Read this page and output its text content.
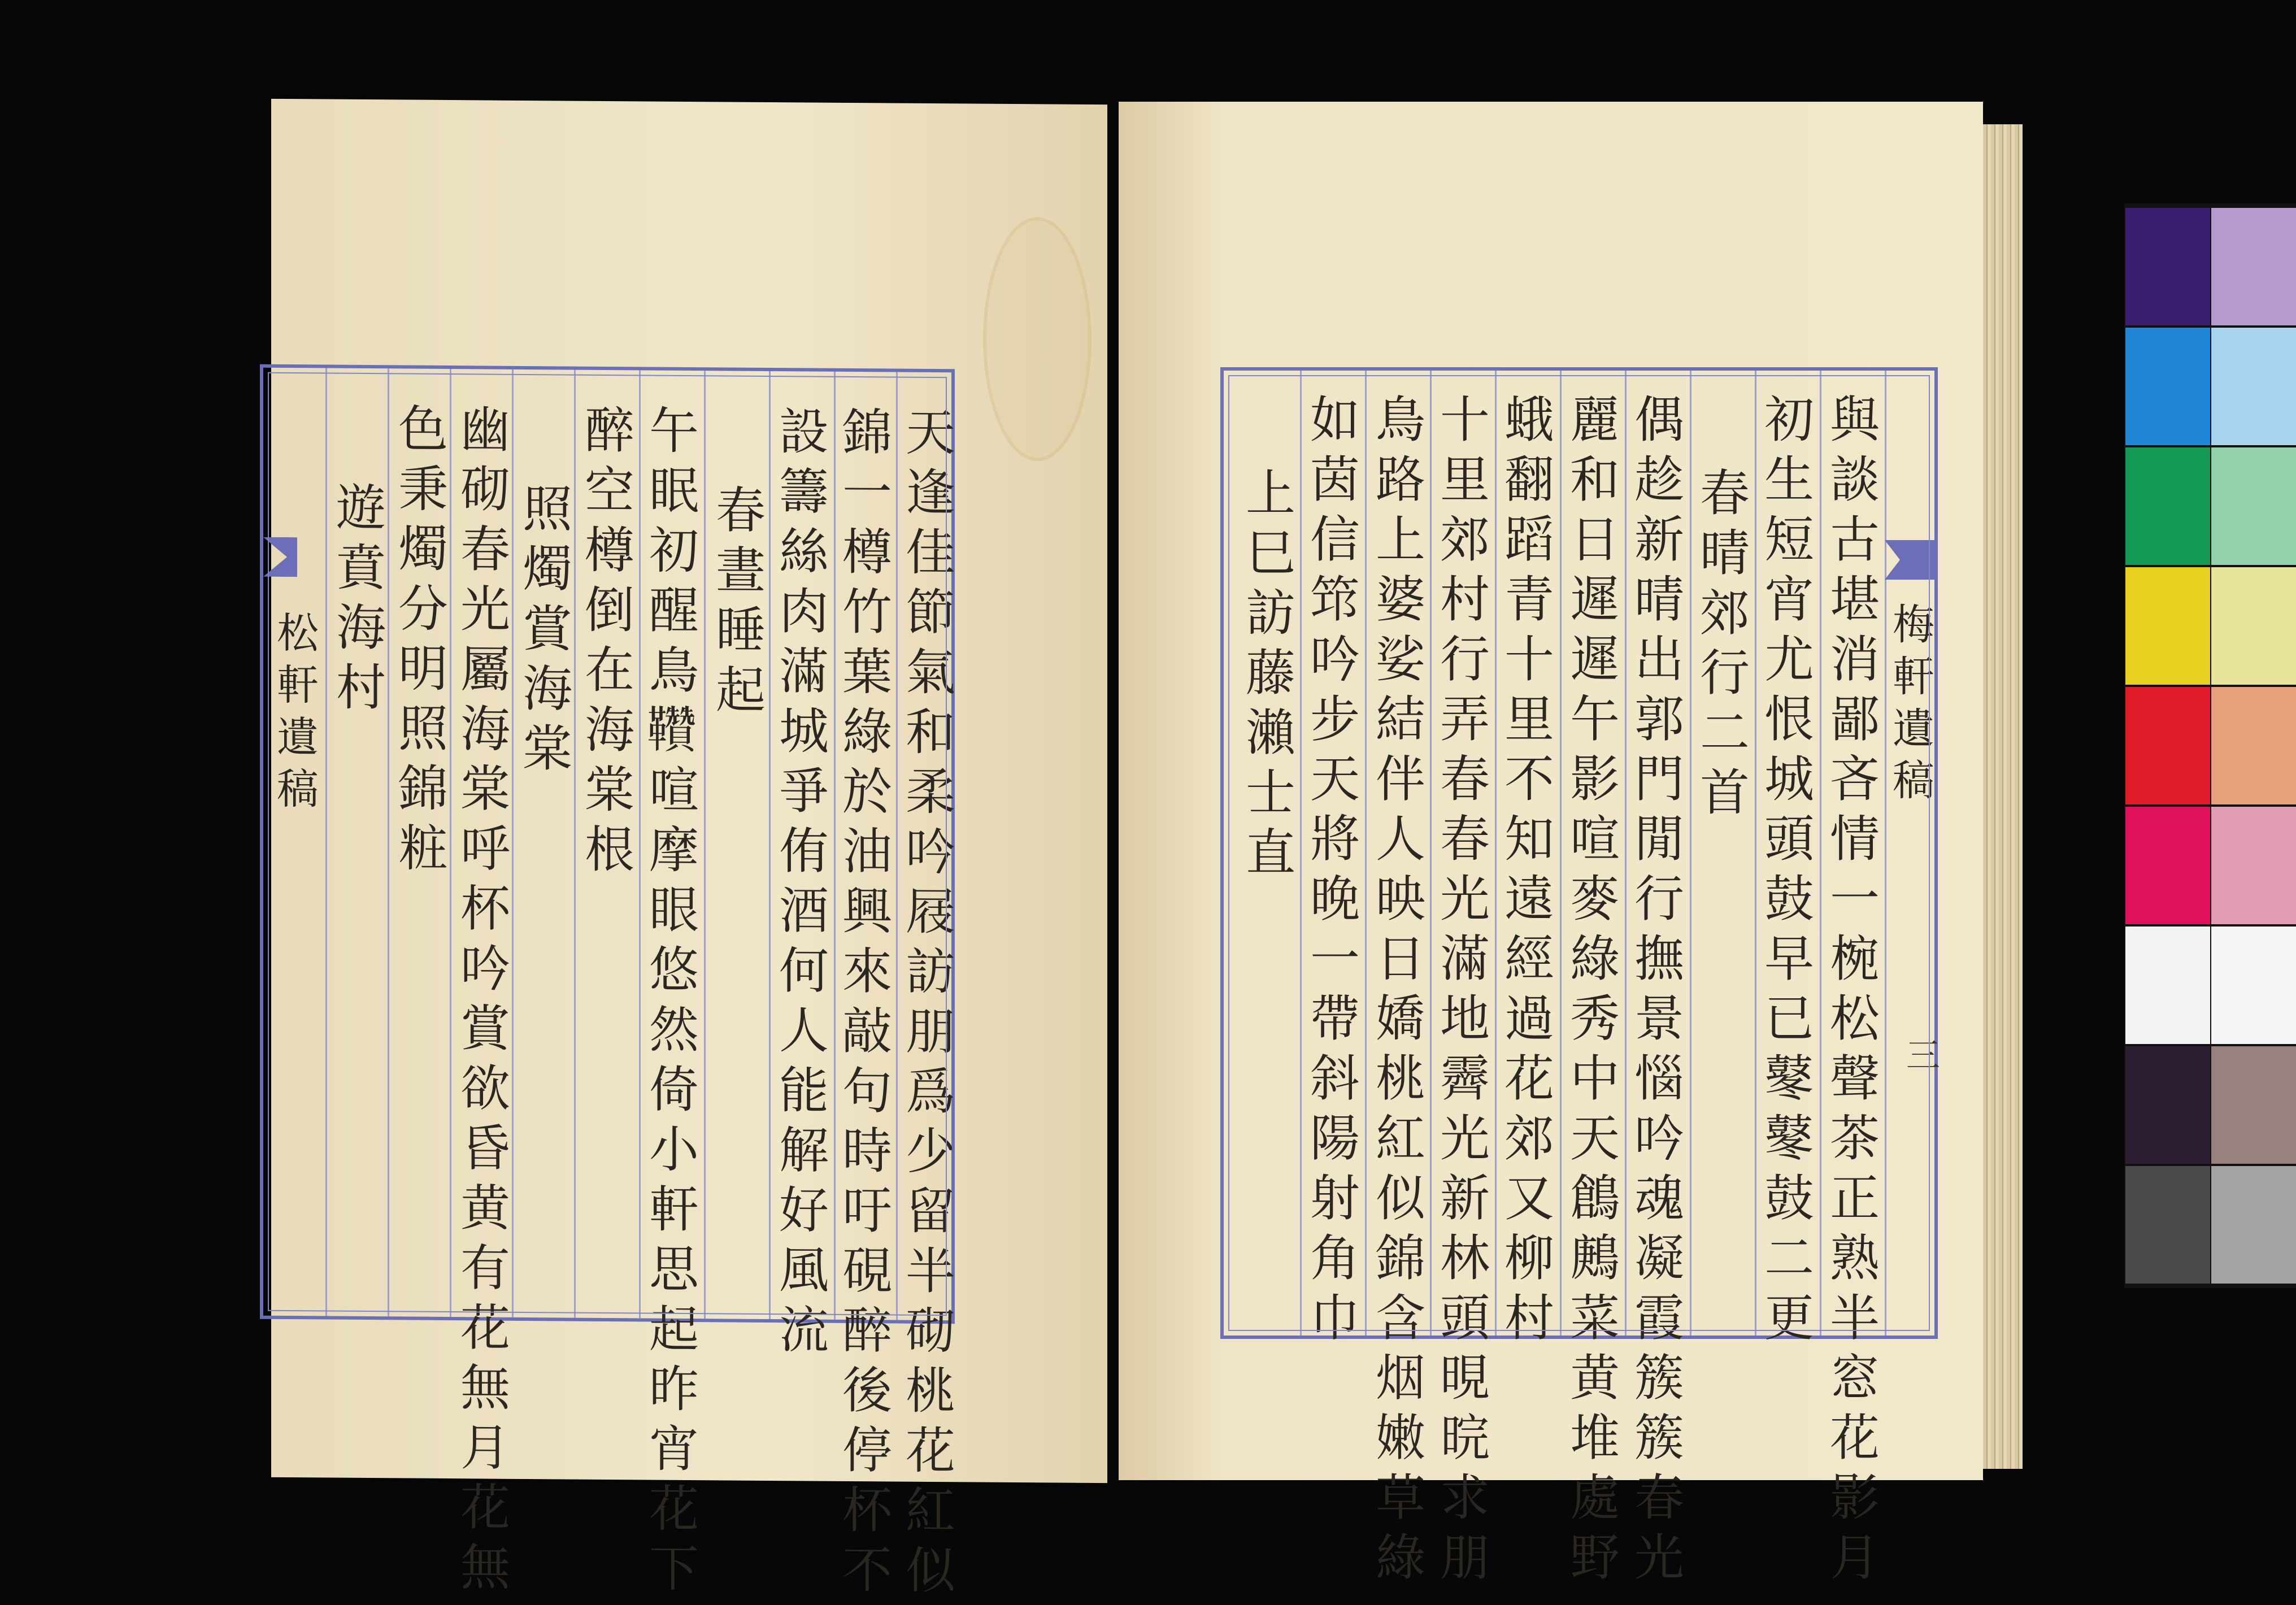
松軒遺稿	天逢佳節氣和柔吟屐訪朋爲少留半砌桃花紅似
錦一樽竹葉綠於油興來敲句時吁硯醉後停杯不
設籌絲肉滿城爭侑酒何人能解好風流
春晝睡起
午眠初醒鳥𩎈喧摩眼悠然倚小軒思起昨宵花下
醉空樽倒在海棠根
照燭賞海棠
幽砌春光屬海棠呼杯吟賞欲昏黄有花無月花無
色秉燭分明照錦粧
遊賁海村	梅軒遺稿
三
與談古堪消鄙吝情一椀松聲茶正熟半窓花影月
初生短宵尤恨城頭鼓早已鼕鼕鼓二更
春晴郊行二首
偶趁新晴出郭門閒行撫景惱吟魂凝霞簇簇春光
麗和日遲遲午影喧麥綠秀中天鶬鶊菜黄堆處野
蛾翻蹈青十里不知遠經過花郊又柳村
十里郊村行弄春春光滿地霽光新林頭晛晥求朋
鳥路上婆娑結伴人映日嬌桃紅似錦含烟嫩草綠
如茵信筇吟步天將晚一帶斜陽射角巾
上巳訪藤瀨士直
